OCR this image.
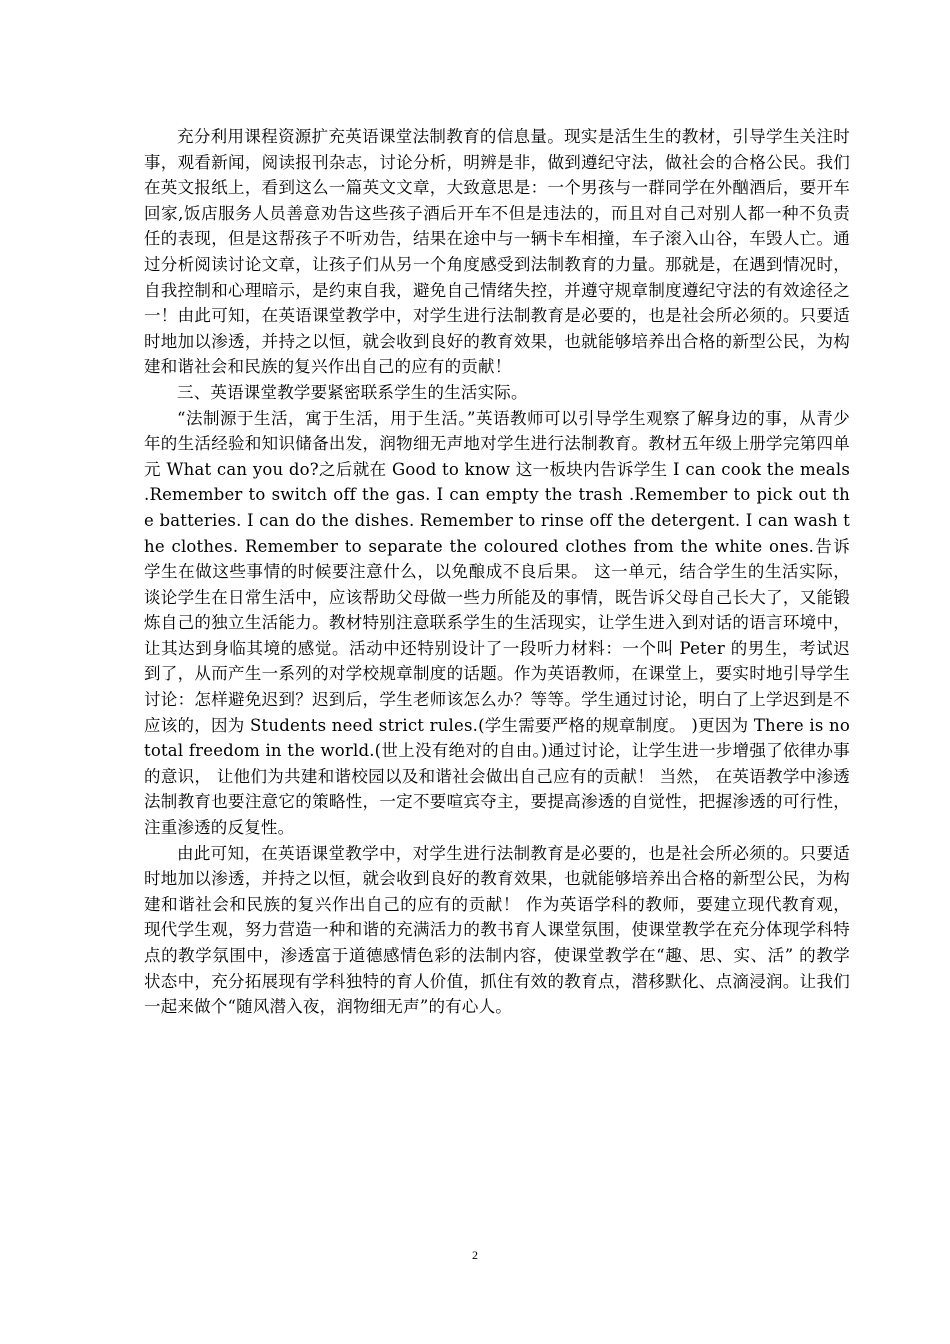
充分利用课程资源扩充英语课堂法制教育的信息量。现实是活生生的教材，引导学生关注时事，观看新闻，阅读报刊杂志，讨论分析，明辨是非，做到遵纪守法，做社会的合格公民。我们在英文报纸上，看到这么一篇英文文章，大致意思是：一个男孩与一群同学在外酗酒后，要开车回家,饭店服务人员善意劝告这些孩子酒后开车不但是违法的，而且对自己对别人都一种不负责任的表现，但是这帮孩子不听劝告，结果在途中与一辆卡车相撞，车子滚入山谷，车毁人亡。通过分析阅读讨论文章，让孩子们从另一个角度感受到法制教育的力量。那就是，在遇到情况时，自我控制和心理暗示，是约束自我，避免自己情绪失控，并遵守规章制度遵纪守法的有效途径之一！由此可知，在英语课堂教学中，对学生进行法制教育是必要的，也是社会所必须的。只要适时地加以渗透，并持之以恒，就会收到良好的教育效果，也就能够培养出合格的新型公民，为构建和谐社会和民族的复兴作出自己的应有的贡献！

三、英语课堂教学要紧密联系学生的生活实际。

“法制源于生活，寓于生活，用于生活。”英语教师可以引导学生观察了解身边的事，从青少年的生活经验和知识储备出发，润物细无声地对学生进行法制教育。教材五年级上册学完第四单元 What can you do?之后就在 Good to know 这一板块内告诉学生 I can cook the meals .Remember to switch off the gas. I can empty the trash .Remember to pick out the batteries. I can do the dishes. Remember to rinse off the detergent. I can wash the clothes. Remember to separate the coloured clothes from the white ones.告诉学生在做这些事情的时候要注意什么，以免酿成不良后果。 这一单元，结合学生的生活实际，谈论学生在日常生活中，应该帮助父母做一些力所能及的事情，既告诉父母自己长大了，又能锻炼自己的独立生活能力。教材特别注意联系学生的生活现实，让学生进入到对话的语言环境中，让其达到身临其境的感觉。活动中还特别设计了一段听力材料：一个叫 Peter 的男生，考试迟到了，从而产生一系列的对学校规章制度的话题。作为英语教师，在课堂上，要实时地引导学生讨论：怎样避免迟到？迟到后，学生老师该怎么办？等等。学生通过讨论，明白了上学迟到是不应该的，因为 Students need strict rules.(学生需要严格的规章制度。 )更因为 There is no total freedom in the world.(世上没有绝对的自由。)通过讨论，让学生进一步增强了依律办事的意识， 让他们为共建和谐校园以及和谐社会做出自己应有的贡献！ 当然， 在英语教学中渗透法制教育也要注意它的策略性，一定不要喧宾夺主，要提高渗透的自觉性，把握渗透的可行性，注重渗透的反复性。

由此可知，在英语课堂教学中，对学生进行法制教育是必要的，也是社会所必须的。只要适时地加以渗透，并持之以恒，就会收到良好的教育效果，也就能够培养出合格的新型公民，为构建和谐社会和民族的复兴作出自己的应有的贡献！ 作为英语学科的教师，要建立现代教育观，现代学生观，努力营造一种和谐的充满活力的教书育人课堂氛围，使课堂教学在充分体现学科特点的教学氛围中，渗透富于道德感情色彩的法制内容，使课堂教学在“趣、思、实、活” 的教学状态中，充分拓展现有学科独特的育人价值，抓住有效的教育点，潜移默化、点滴浸润。让我们一起来做个“随风潜入夜，润物细无声”的有心人。

2
